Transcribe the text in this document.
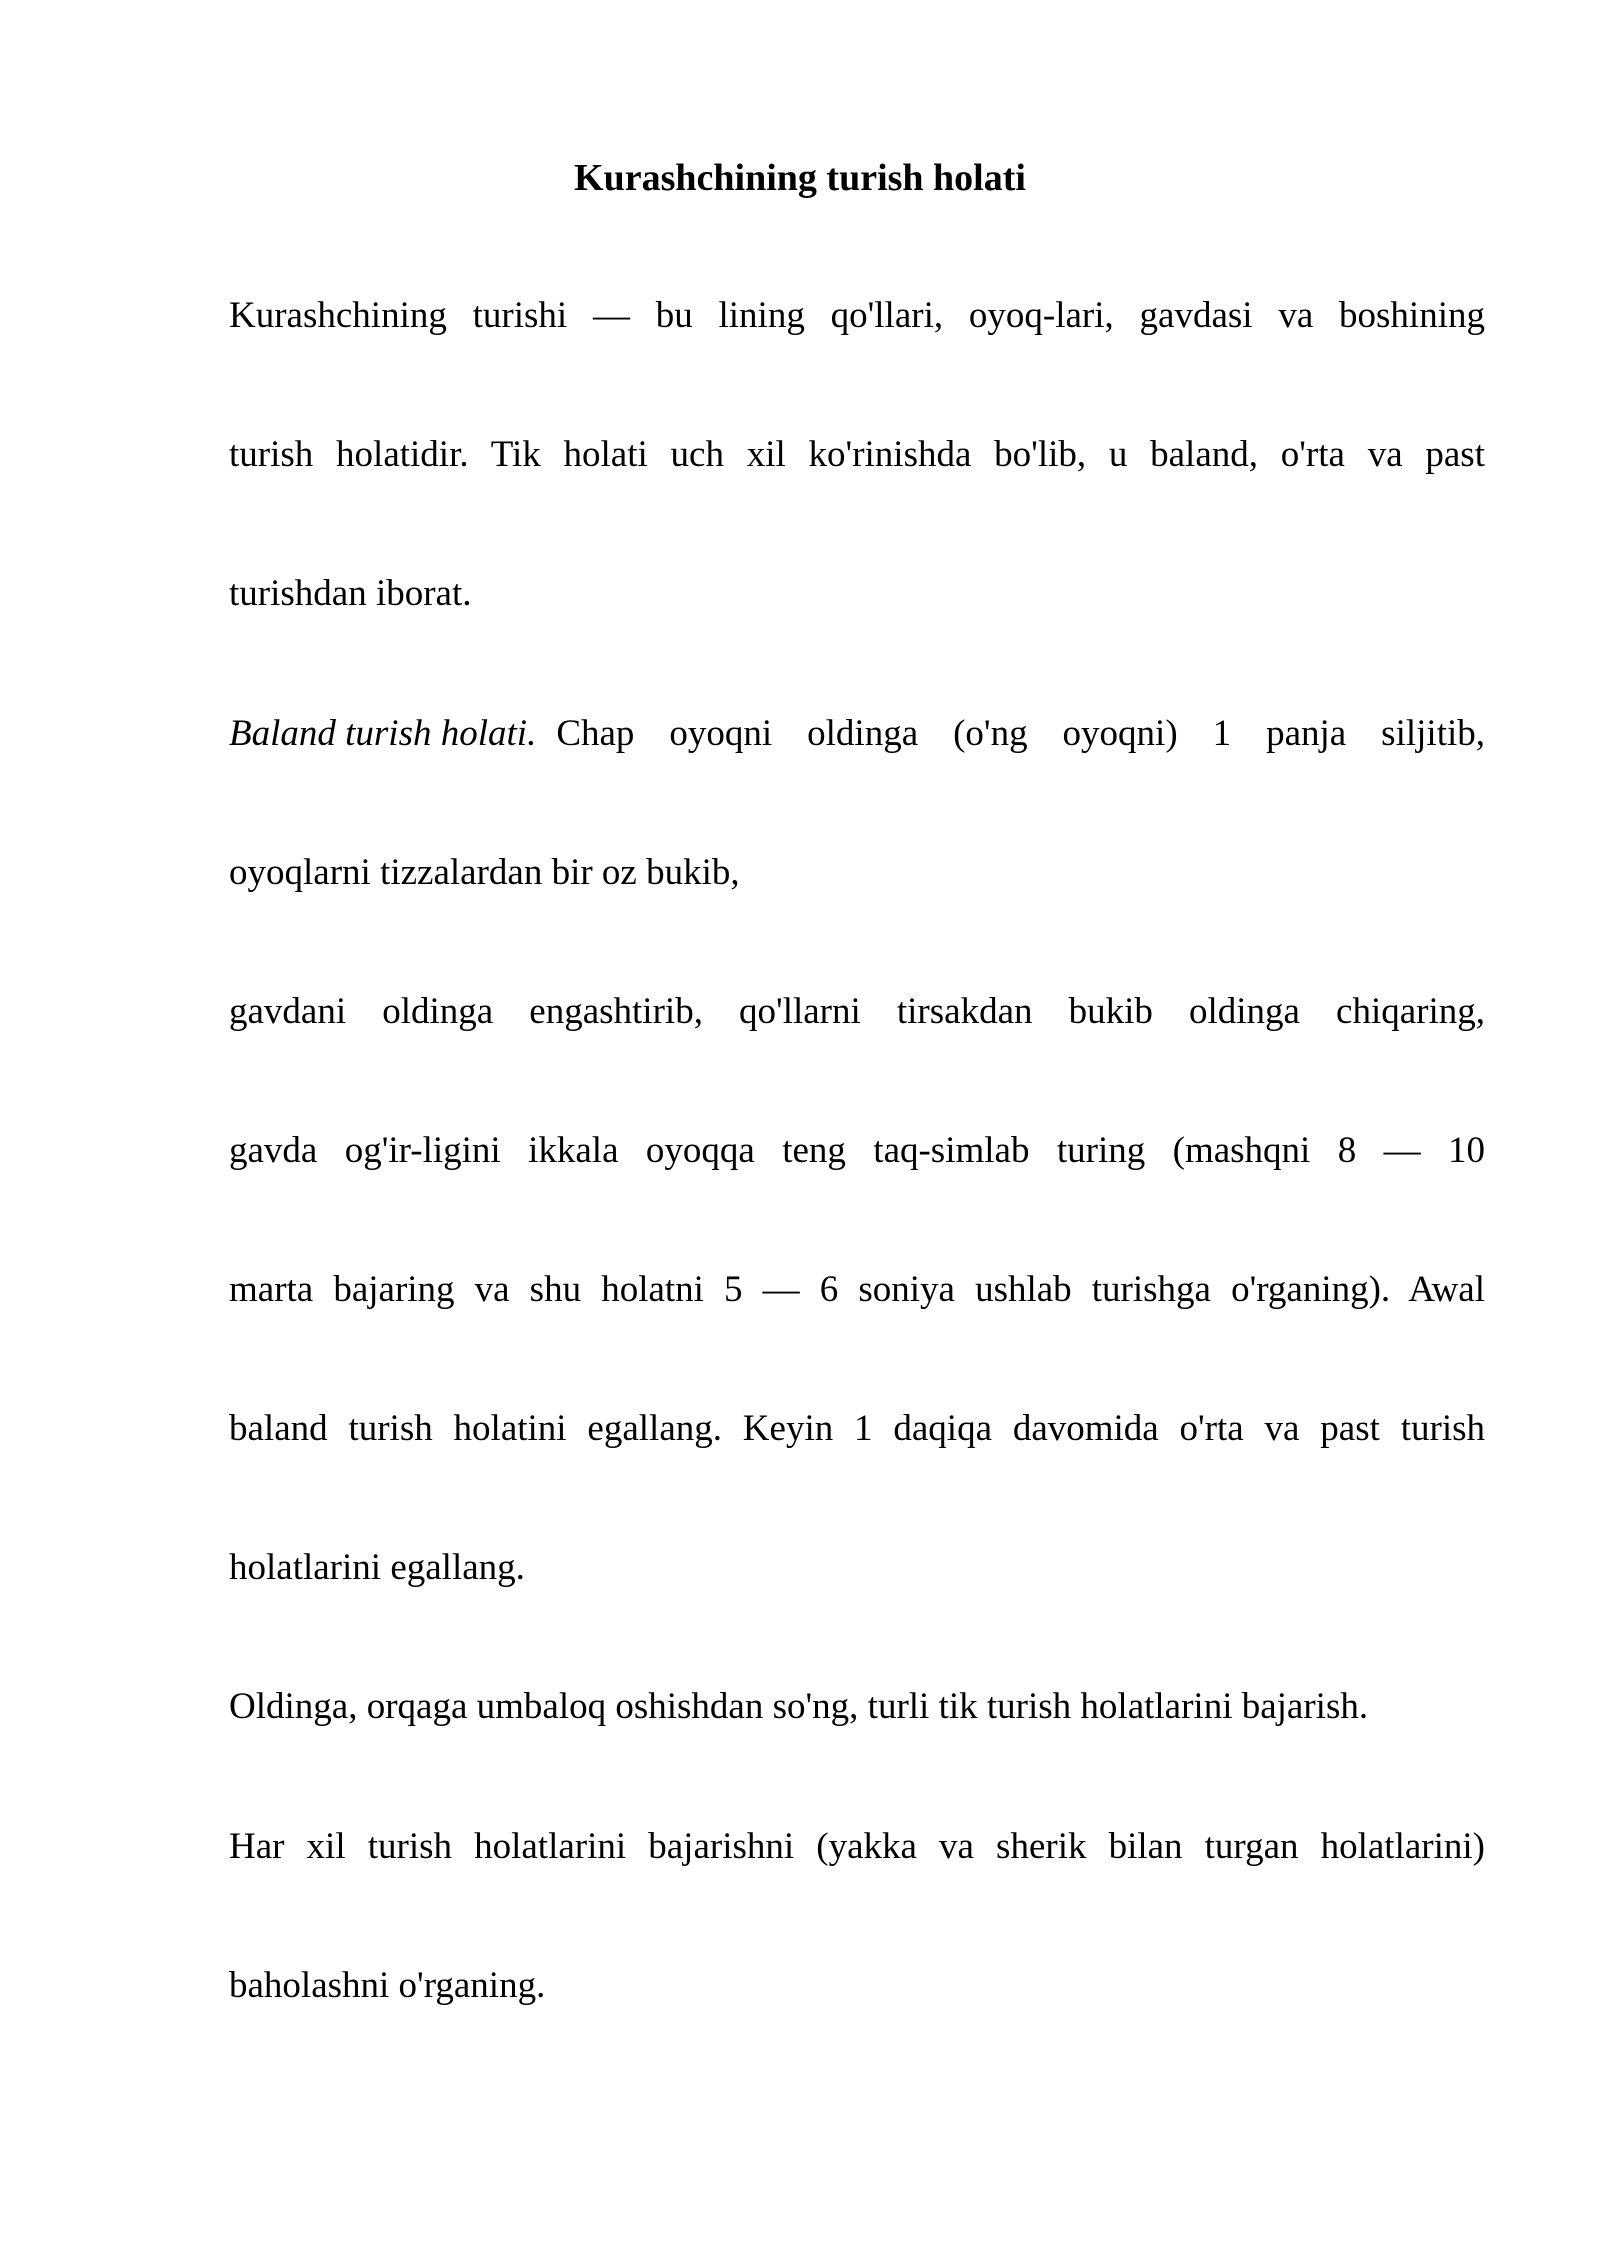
Kurashchining turish holati

Kurashchining turishi — bu lining qo'llari, oyoq-lari, gavdasi va boshining

turish holatidir. Tik holati uch xil ko'rinishda bo'lib, u baland, o'rta va past

turishdan iborat.

Baland turish holati. Chap oyoqni oldinga (o'ng oyoqni) 1 panja siljitib,

oyoqlarni tizzalardan bir oz bukib,

gavdani oldinga engashtirib, qo'llarni tirsakdan bukib oldinga chiqaring,

gavda og'ir-ligini ikkala oyoqqa teng taq-simlab turing (mashqni 8 — 10

marta bajaring va shu holatni 5 — 6 soniya ushlab turishga o'rganing). Awal

baland turish holatini egallang. Keyin 1 daqiqa davomida o'rta va past turish

holatlarini egallang.

Oldinga, orqaga umbaloq oshishdan so'ng, turli tik turish holatlarini bajarish.

Har xil turish holatlarini bajarishni (yakka va sherik bilan turgan holatlarini)

baholashni o'rganing.
